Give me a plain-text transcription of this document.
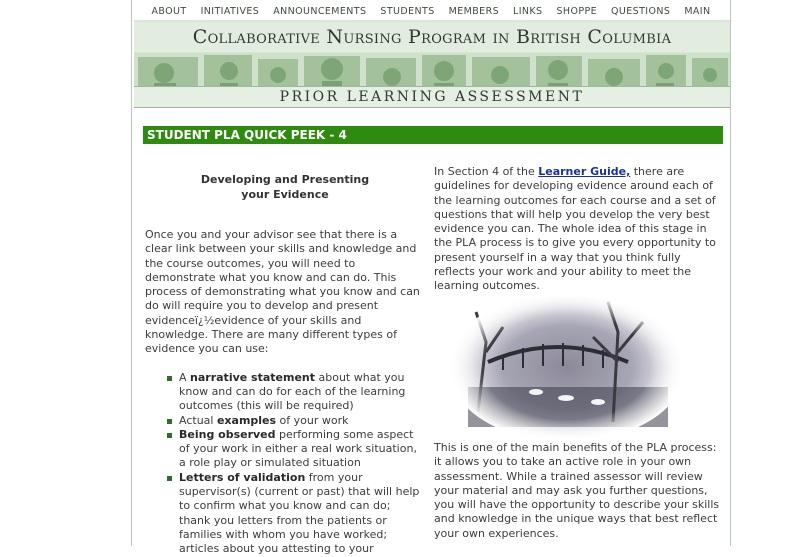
ABOUT INITIATIVES ANNOUNCEMENTS STUDENTS MEMBERS LINKS SHOPPE QUESTIONS MAIN
Collaborative Nursing Program in British Columbia
PRIOR LEARNING ASSESSMENT
STUDENT PLA QUICK PEEK - 4
Developing and Presenting
your Evidence

Once you and your advisor see that there is a clear link between your skills and knowledge and the course outcomes, you will need to demonstrate what you know and can do. This process of demonstrating what you know and can do will require you to develop and present evidenceï¿½evidence of your skills and knowledge. There are many different types of evidence you can use:

A narrative statement about what you know and can do for each of the learning outcomes (this will be required)
Actual examples of your work
Being observed performing some aspect of your work in either a real work situation, a role play or simulated situation
Letters of validation from your supervisor(s) (current or past) that will help to confirm what you know and can do; thank you letters from the patients or families with whom you have worked; articles about you attesting to your

In Section 4 of the Learner Guide, there are guidelines for developing evidence around each of the learning outcomes for each course and a set of questions that will help you develop the very best evidence you can. The whole idea of this stage in the PLA process is to give you every opportunity to present yourself in a way that you think fully reflects your work and your ability to meet the learning outcomes.

This is one of the main benefits of the PLA process: it allows you to take an active role in your own assessment. While a trained assessor will review your material and may ask you further questions, you will have the opportunity to describe your skills and knowledge in the unique ways that best reflect your own experiences.
